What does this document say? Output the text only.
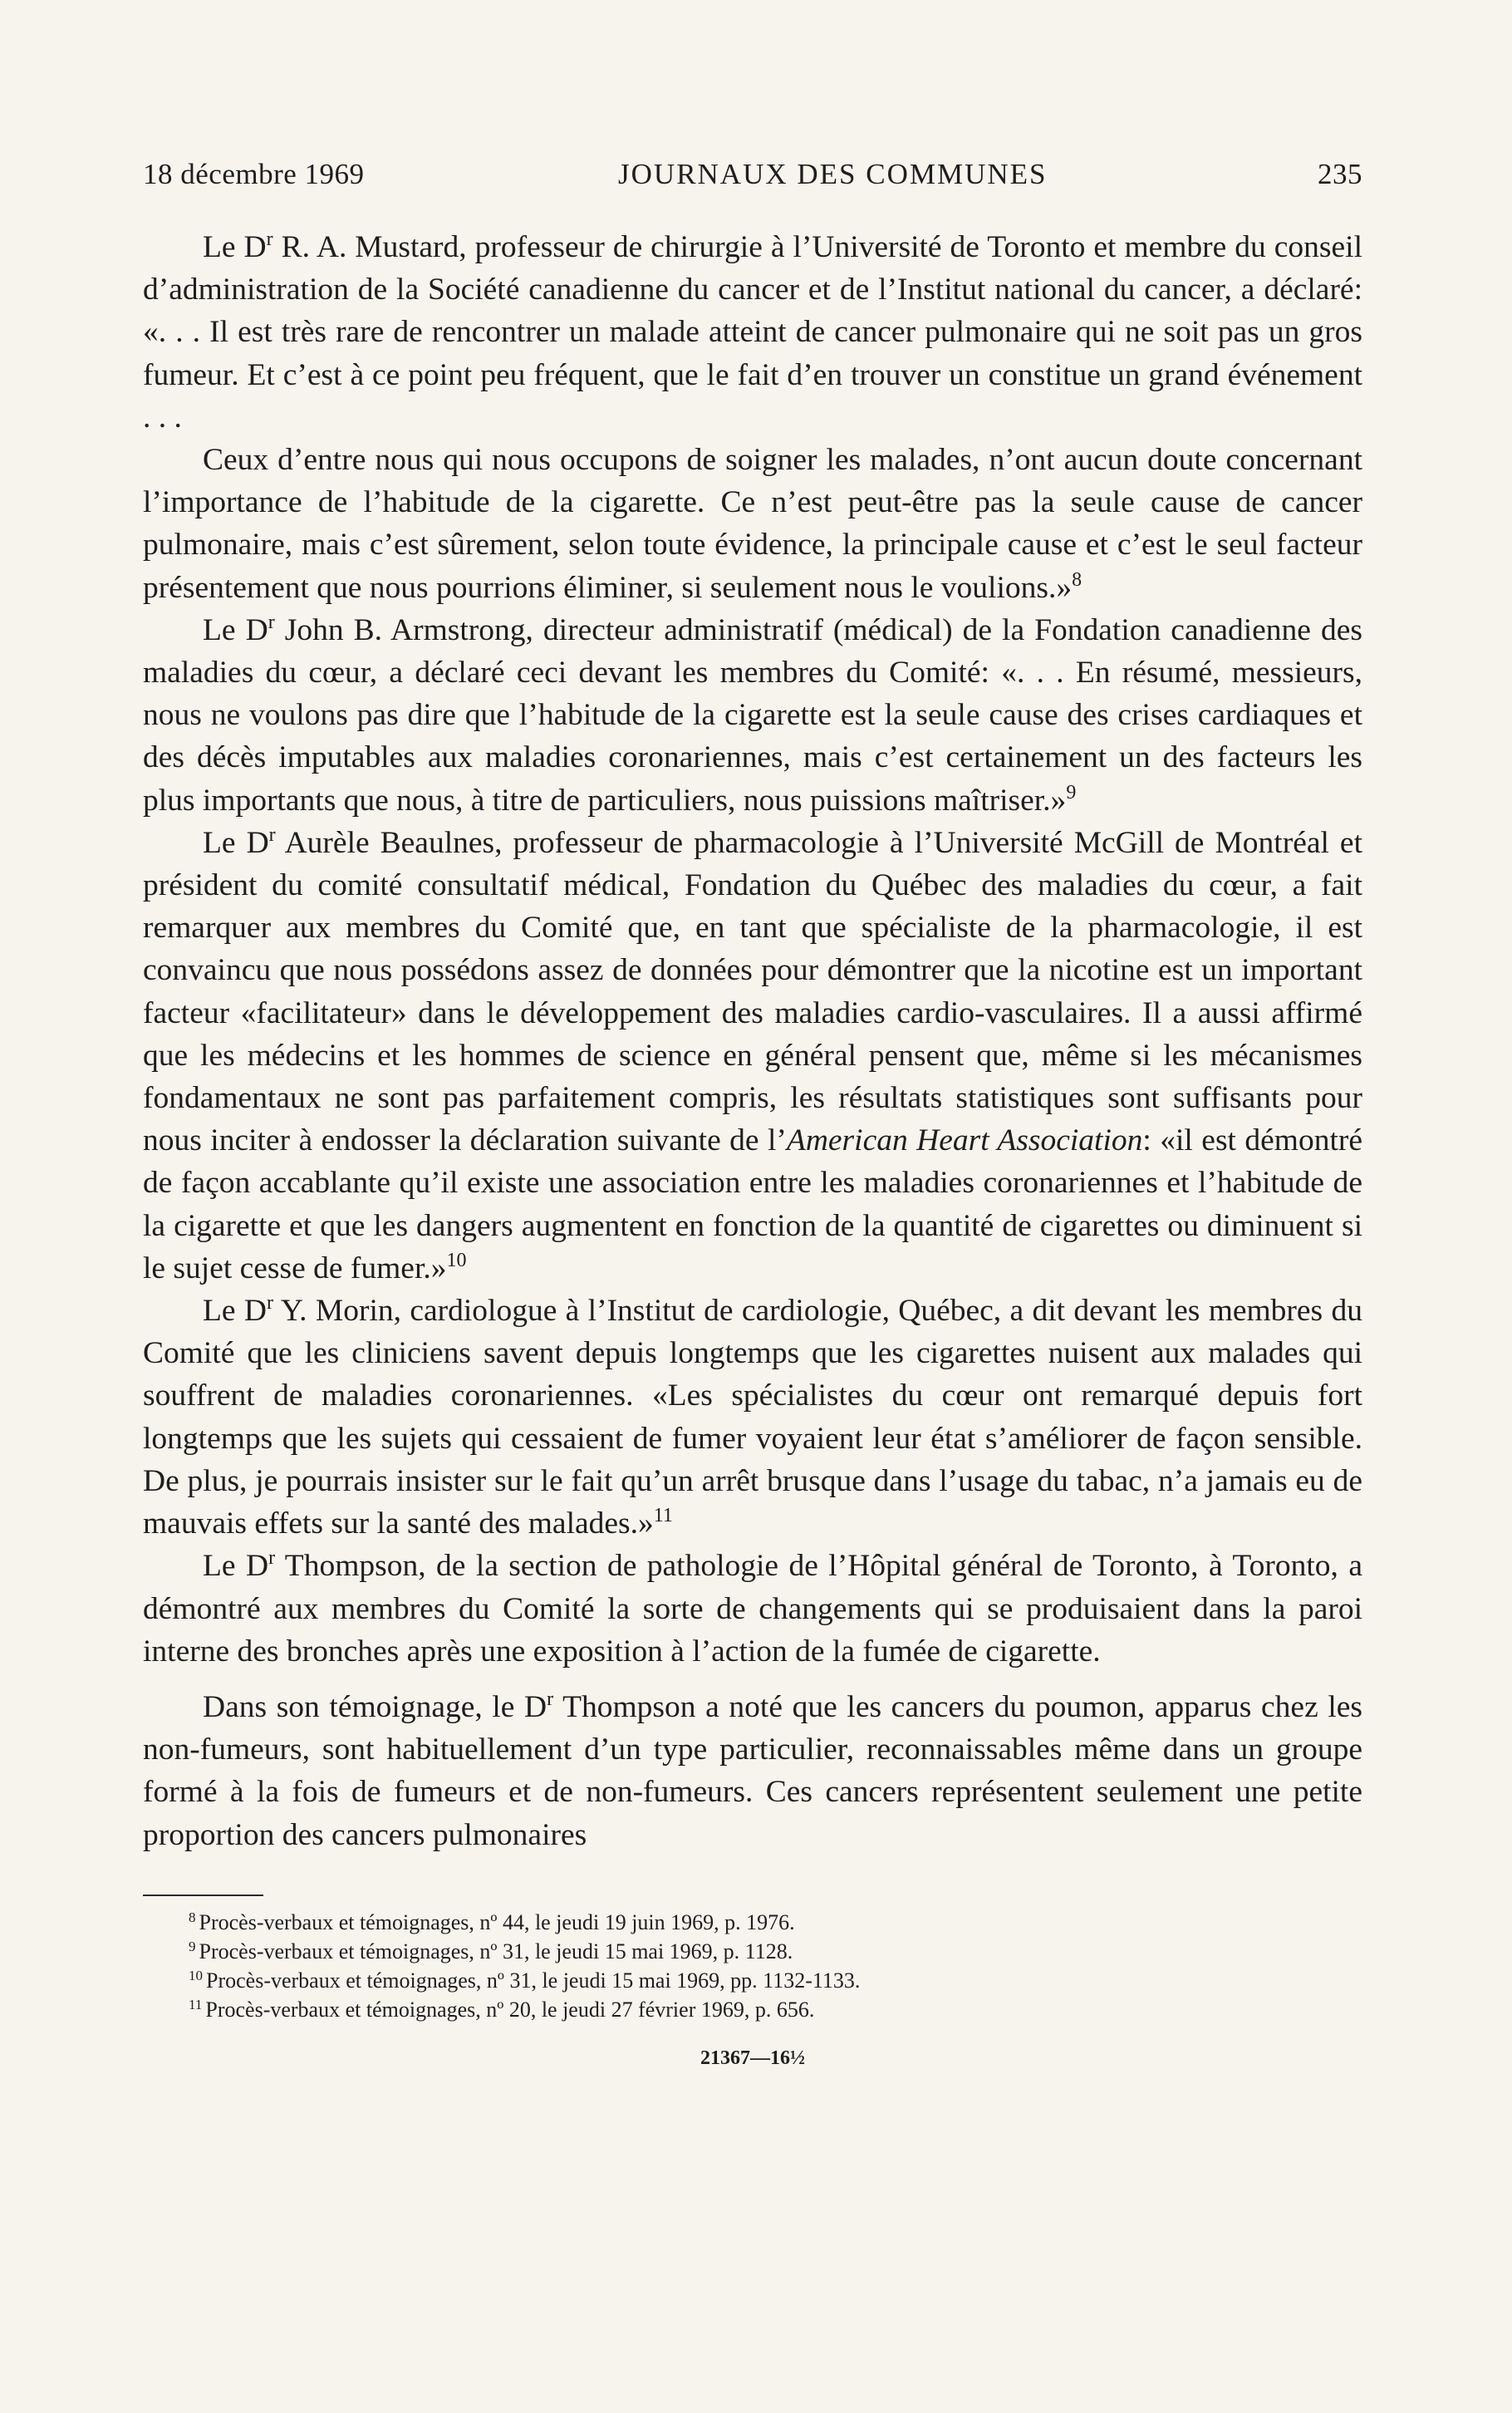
18 décembre 1969	JOURNAUX DES COMMUNES	235

Le $D^r$ R. A. Mustard, professeur de chirurgie à l’Université de Toronto et membre du conseil d’administration de la Société canadienne du cancer et de l’Institut national du cancer, a déclaré: «. . . Il est très rare de rencontrer un malade atteint de cancer pulmonaire qui ne soit pas un gros fumeur. Et c’est à ce point peu fréquent, que le fait d’en trouver un constitue un grand événement . . .

Ceux d’entre nous qui nous occupons de soigner les malades, n’ont aucun doute concernant l’importance de l’habitude de la cigarette. Ce n’est peut-être pas la seule cause de cancer pulmonaire, mais c’est sûrement, selon toute évidence, la principale cause et c’est le seul facteur présentement que nous pourrions éliminer, si seulement nous le voulions.»$^8$

Le $D^r$ John B. Armstrong, directeur administratif (médical) de la Fondation canadienne des maladies du cœur, a déclaré ceci devant les membres du Comité: «. . . En résumé, messieurs, nous ne voulons pas dire que l’habitude de la cigarette est la seule cause des crises cardiaques et des décès imputables aux maladies coronariennes, mais c’est certainement un des facteurs les plus importants que nous, à titre de particuliers, nous puissions maîtriser.»$^9$

Le $D^r$ Aurèle Beaulnes, professeur de pharmacologie à l’Université McGill de Montréal et président du comité consultatif médical, Fondation du Québec des maladies du cœur, a fait remarquer aux membres du Comité que, en tant que spécialiste de la pharmacologie, il est convaincu que nous possédons assez de données pour démontrer que la nicotine est un important facteur «facilitateur» dans le développement des maladies cardio-vasculaires. Il a aussi affirmé que les médecins et les hommes de science en général pensent que, même si les mécanismes fondamentaux ne sont pas parfaitement compris, les résultats statistiques sont suffisants pour nous inciter à endosser la déclaration suivante de l’American Heart Association: «il est démontré de façon accablante qu’il existe une association entre les maladies coronariennes et l’habitude de la cigarette et que les dangers augmentent en fonction de la quantité de cigarettes ou diminuent si le sujet cesse de fumer.»$^{10}$

Le $D^r$ Y. Morin, cardiologue à l’Institut de cardiologie, Québec, a dit devant les membres du Comité que les cliniciens savent depuis longtemps que les cigarettes nuisent aux malades qui souffrent de maladies coronariennes. «Les spécialistes du cœur ont remarqué depuis fort longtemps que les sujets qui cessaient de fumer voyaient leur état s’améliorer de façon sensible. De plus, je pourrais insister sur le fait qu’un arrêt brusque dans l’usage du tabac, n’a jamais eu de mauvais effets sur la santé des malades.»$^{11}$

Le $D^r$ Thompson, de la section de pathologie de l’Hôpital général de Toronto, à Toronto, a démontré aux membres du Comité la sorte de changements qui se produisaient dans la paroi interne des bronches après une exposition à l’action de la fumée de cigarette.

Dans son témoignage, le $D^r$ Thompson a noté que les cancers du poumon, apparus chez les non-fumeurs, sont habituellement d’un type particulier, reconnaissables même dans un groupe formé à la fois de fumeurs et de non-fumeurs. Ces cancers représentent seulement une petite proportion des cancers pulmonaires

$^8$ Procès-verbaux et témoignages, nº 44, le jeudi 19 juin 1969, p. 1976.
$^9$ Procès-verbaux et témoignages, nº 31, le jeudi 15 mai 1969, p. 1128.
$^{10}$ Procès-verbaux et témoignages, nº 31, le jeudi 15 mai 1969, pp. 1132-1133.
$^{11}$ Procès-verbaux et témoignages, nº 20, le jeudi 27 février 1969, p. 656.
21367—16½
